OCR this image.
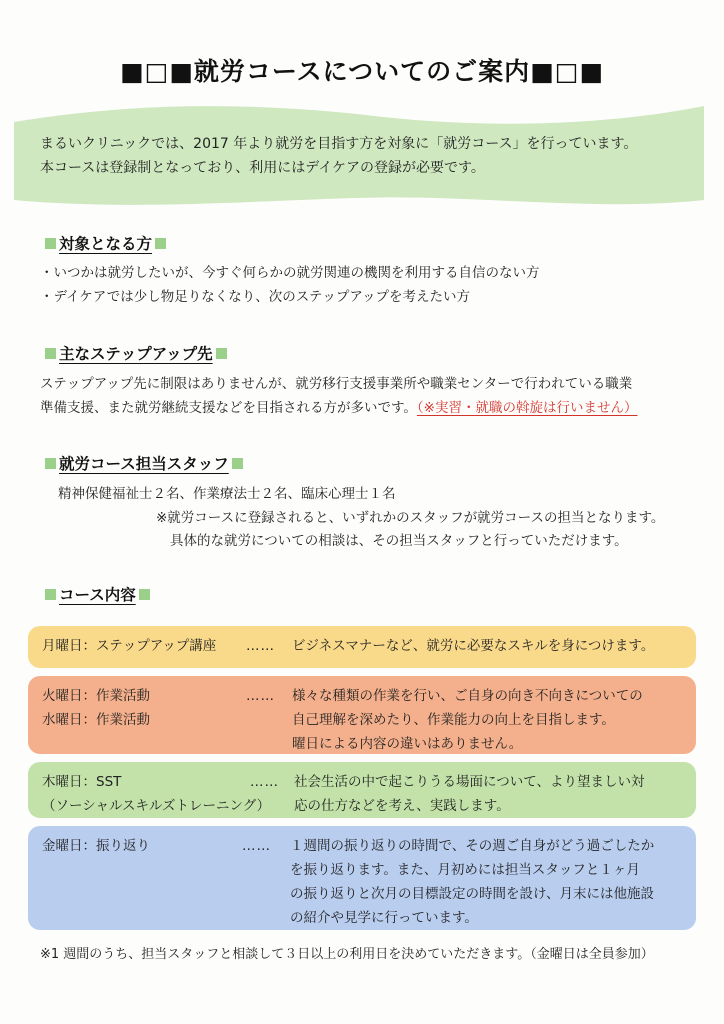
■□■就労コースについてのご案内■□■
まるいクリニックでは、2017 年より就労を目指す方を対象に「就労コース」を行っています。
本コースは登録制となっており、利用にはデイケアの登録が必要です。
対象となる方
・いつかは就労したいが、今すぐ何らかの就労関連の機関を利用する自信のない方
・デイケアでは少し物足りなくなり、次のステップアップを考えたい方
主なステップアップ先
ステップアップ先に制限はありませんが、就労移行支援事業所や職業センターで行われている職業
準備支援、また就労継続支援などを目指される方が多いです。（※実習・就職の斡旋は行いません）
就労コース担当スタッフ
精神保健福祉士２名、作業療法士２名、臨床心理士１名
※就労コースに登録されると、いずれかのスタッフが就労コースの担当となります。
具体的な就労についての相談は、その担当スタッフと行っていただけます。
コース内容
月曜日：ステップアップ講座 …… ビジネスマナーなど、就労に必要なスキルを身につけます。
火曜日：作業活動
水曜日：作業活動
…… 様々な種類の作業を行い、ご自身の向き不向きについての
自己理解を深めたり、作業能力の向上を目指します。
曜日による内容の違いはありません。
木曜日：SST
（ソーシャルスキルズトレーニング）
…… 社会生活の中で起こりうる場面について、より望ましい対
応の仕方などを考え、実践します。
金曜日：振り返り	…… １週間の振り返りの時間で、その週ご自身がどう過ごしたか
を振り返ります。また、月初めには担当スタッフと１ヶ月
の振り返りと次月の目標設定の時間を設け、月末には他施設
の紹介や見学に行っています。
※1 週間のうち、担当スタッフと相談して３日以上の利用日を決めていただきます。（金曜日は全員参加）
